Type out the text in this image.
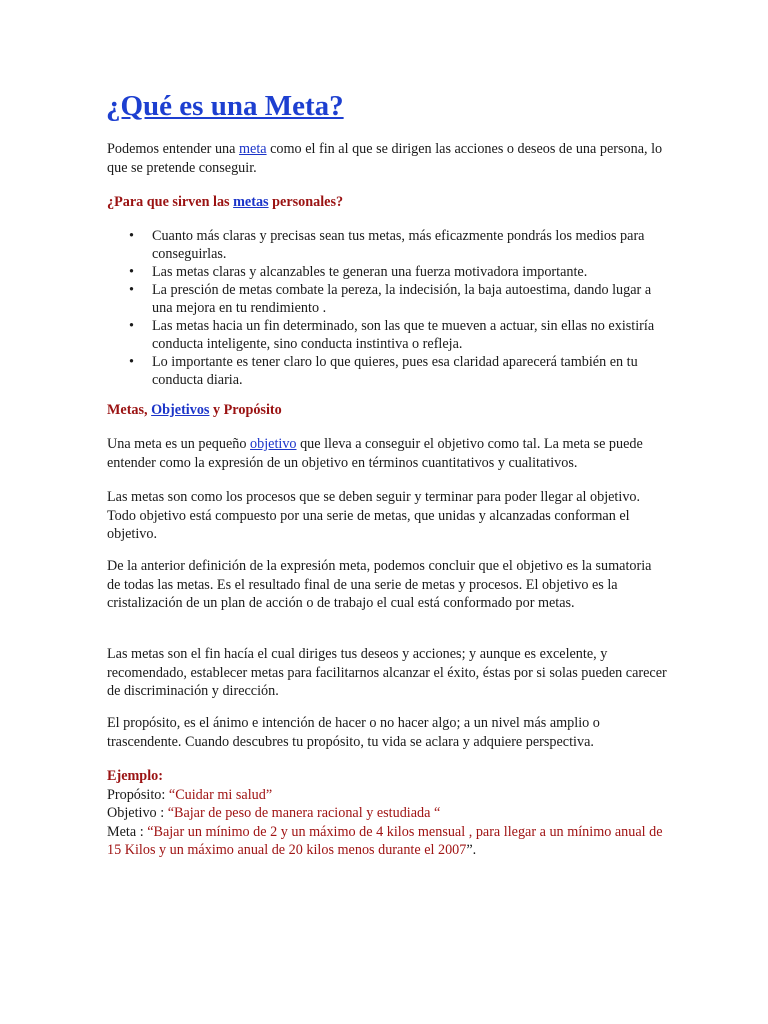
¿Qué es una Meta?

Podemos entender una meta como el fin al que se dirigen las acciones o deseos de una persona, lo que se pretende conseguir.

¿Para que sirven las metas personales?
• Cuanto más claras y precisas sean tus metas, más eficazmente pondrás los medios para conseguirlas.
• Las metas claras y alcanzables te generan una fuerza motivadora importante.
• La presción de metas combate la pereza, la indecisión, la baja autoestima, dando lugar a una mejora en tu rendimiento .
• Las metas hacia un fin determinado, son las que te mueven a actuar, sin ellas no existiría conducta inteligente, sino conducta instintiva o refleja.
• Lo importante es tener claro lo que quieres, pues esa claridad aparecerá también en tu conducta diaria.
Metas, Objetivos y Propósito

Una meta es un pequeño objetivo que lleva a conseguir el objetivo como tal. La meta se puede entender como la expresión de un objetivo en términos cuantitativos y cualitativos.

Las metas son como los procesos que se deben seguir y terminar para poder llegar al objetivo. Todo objetivo está compuesto por una serie de metas, que unidas y alcanzadas conforman el objetivo.

De la anterior definición de la expresión meta, podemos concluir que el objetivo es la sumatoria de todas las metas. Es el resultado final de una serie de metas y procesos. El objetivo es la cristalización de un plan de acción o de trabajo el cual está conformado por metas.

Las metas son el fin hacía el cual diriges tus deseos y acciones; y aunque es excelente, y recomendado, establecer metas para facilitarnos alcanzar el éxito, éstas por si solas pueden carecer de discriminación y dirección.

El propósito, es el ánimo e intención de hacer o no hacer algo; a un nivel más amplio o trascendente. Cuando descubres tu propósito, tu vida se aclara y adquiere perspectiva.

Ejemplo:
Propósito: “Cuidar mi salud”
Objetivo : “Bajar de peso de manera racional y estudiada “
Meta : “Bajar un mínimo de 2 y un máximo de 4 kilos mensual , para llegar a un mínimo anual de 15 Kilos y un máximo anual de 20 kilos menos durante el 2007”.
